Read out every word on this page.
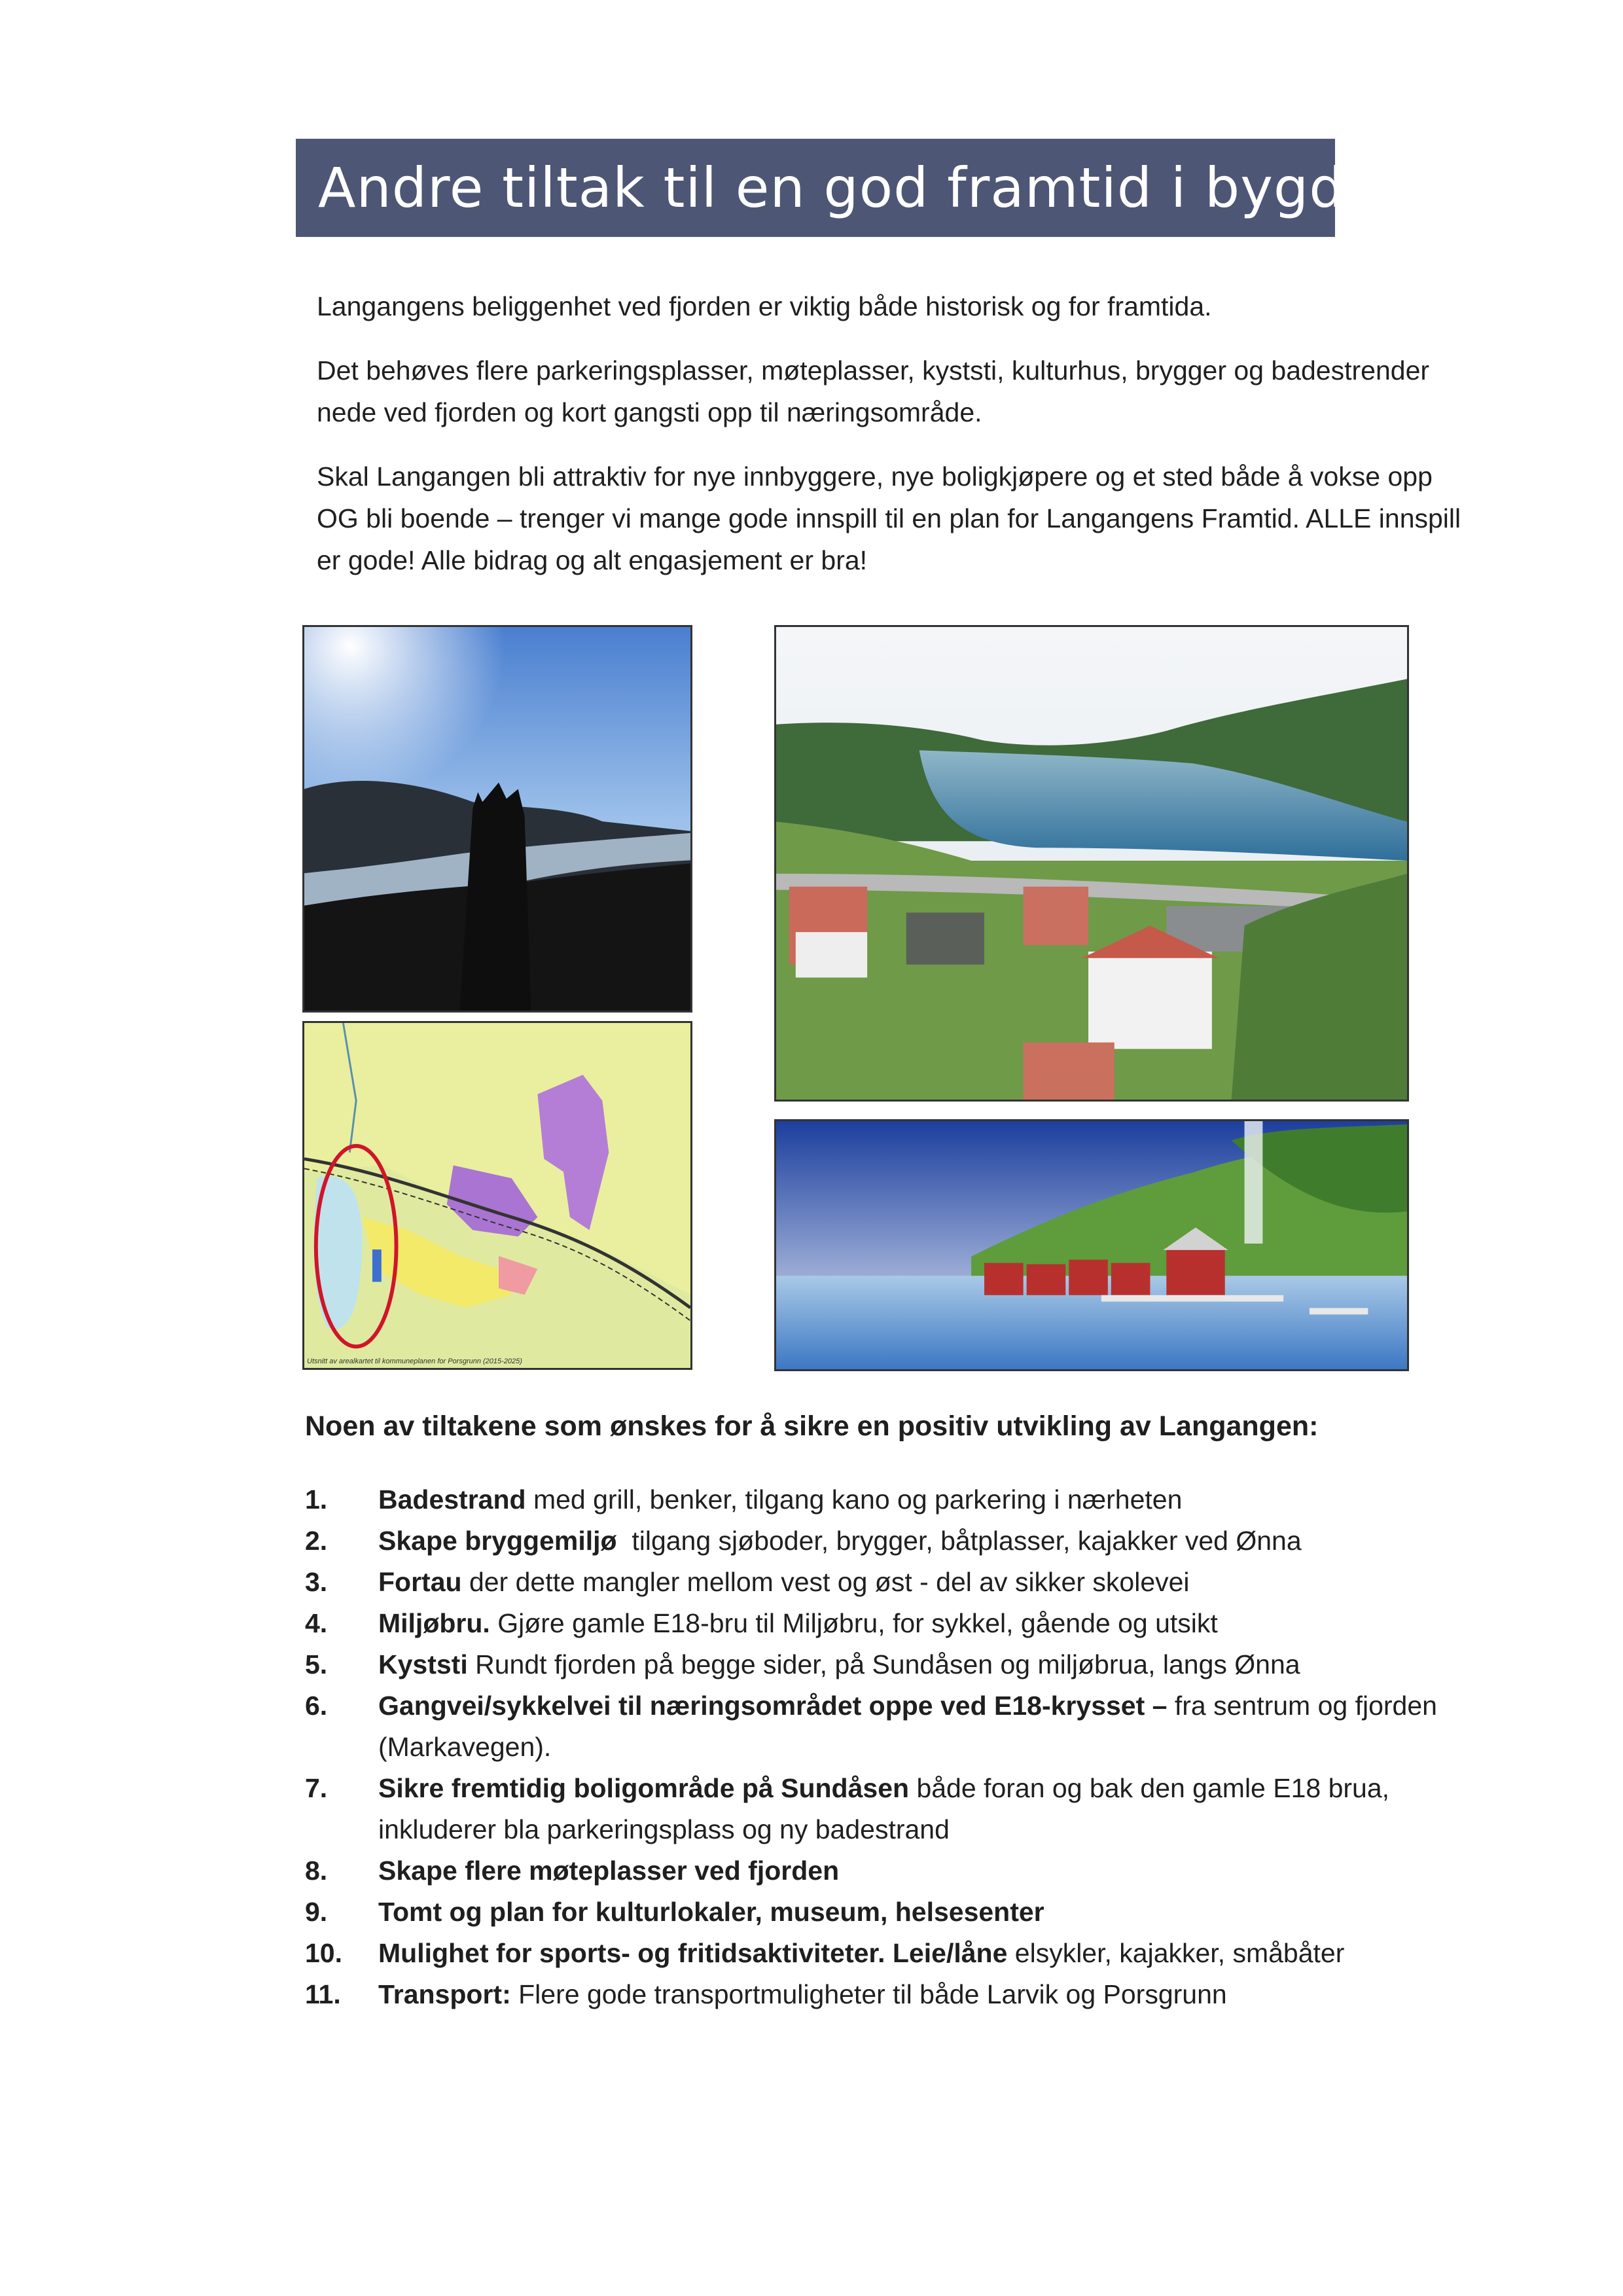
Andre tiltak til en god framtid i bygda

Langangens beliggenhet ved fjorden er viktig både historisk og for framtida.

Det behøves flere parkeringsplasser, møteplasser, kyststi, kulturhus, brygger og badestrender nede ved fjorden og kort gangsti opp til næringsområde.

Skal Langangen bli attraktiv for nye innbyggere, nye boligkjøpere og et sted både å vokse opp OG bli boende – trenger vi mange gode innspill til en plan for Langangens Framtid. ALLE innspill er gode! Alle bidrag og alt engasjement er bra!

Utsnitt av arealkartet til kommuneplanen for Porsgrunn (2015-2025)
Noen av tiltakene som ønskes for å sikre en positiv utvikling av Langangen:
1.	Badestrand med grill, benker, tilgang kano og parkering i nærheten
2.	Skape bryggemiljø  tilgang sjøboder, brygger, båtplasser, kajakker ved Ønna
3.	Fortau der dette mangler mellom vest og øst - del av sikker skolevei
4.	Miljøbru. Gjøre gamle E18-bru til Miljøbru, for sykkel, gående og utsikt
5.	Kyststi Rundt fjorden på begge sider, på Sundåsen og miljøbrua, langs Ønna
6.	Gangvei/sykkelvei til næringsområdet oppe ved E18-krysset – fra sentrum og fjorden (Markavegen).
7.	Sikre fremtidig boligområde på Sundåsen både foran og bak den gamle E18 brua, inkluderer bla parkeringsplass og ny badestrand
8.	Skape flere møteplasser ved fjorden
9.	Tomt og plan for kulturlokaler, museum, helsesenter
10.	Mulighet for sports- og fritidsaktiviteter. Leie/låne elsykler, kajakker, småbåter
11.	Transport: Flere gode transportmuligheter til både Larvik og Porsgrunn
